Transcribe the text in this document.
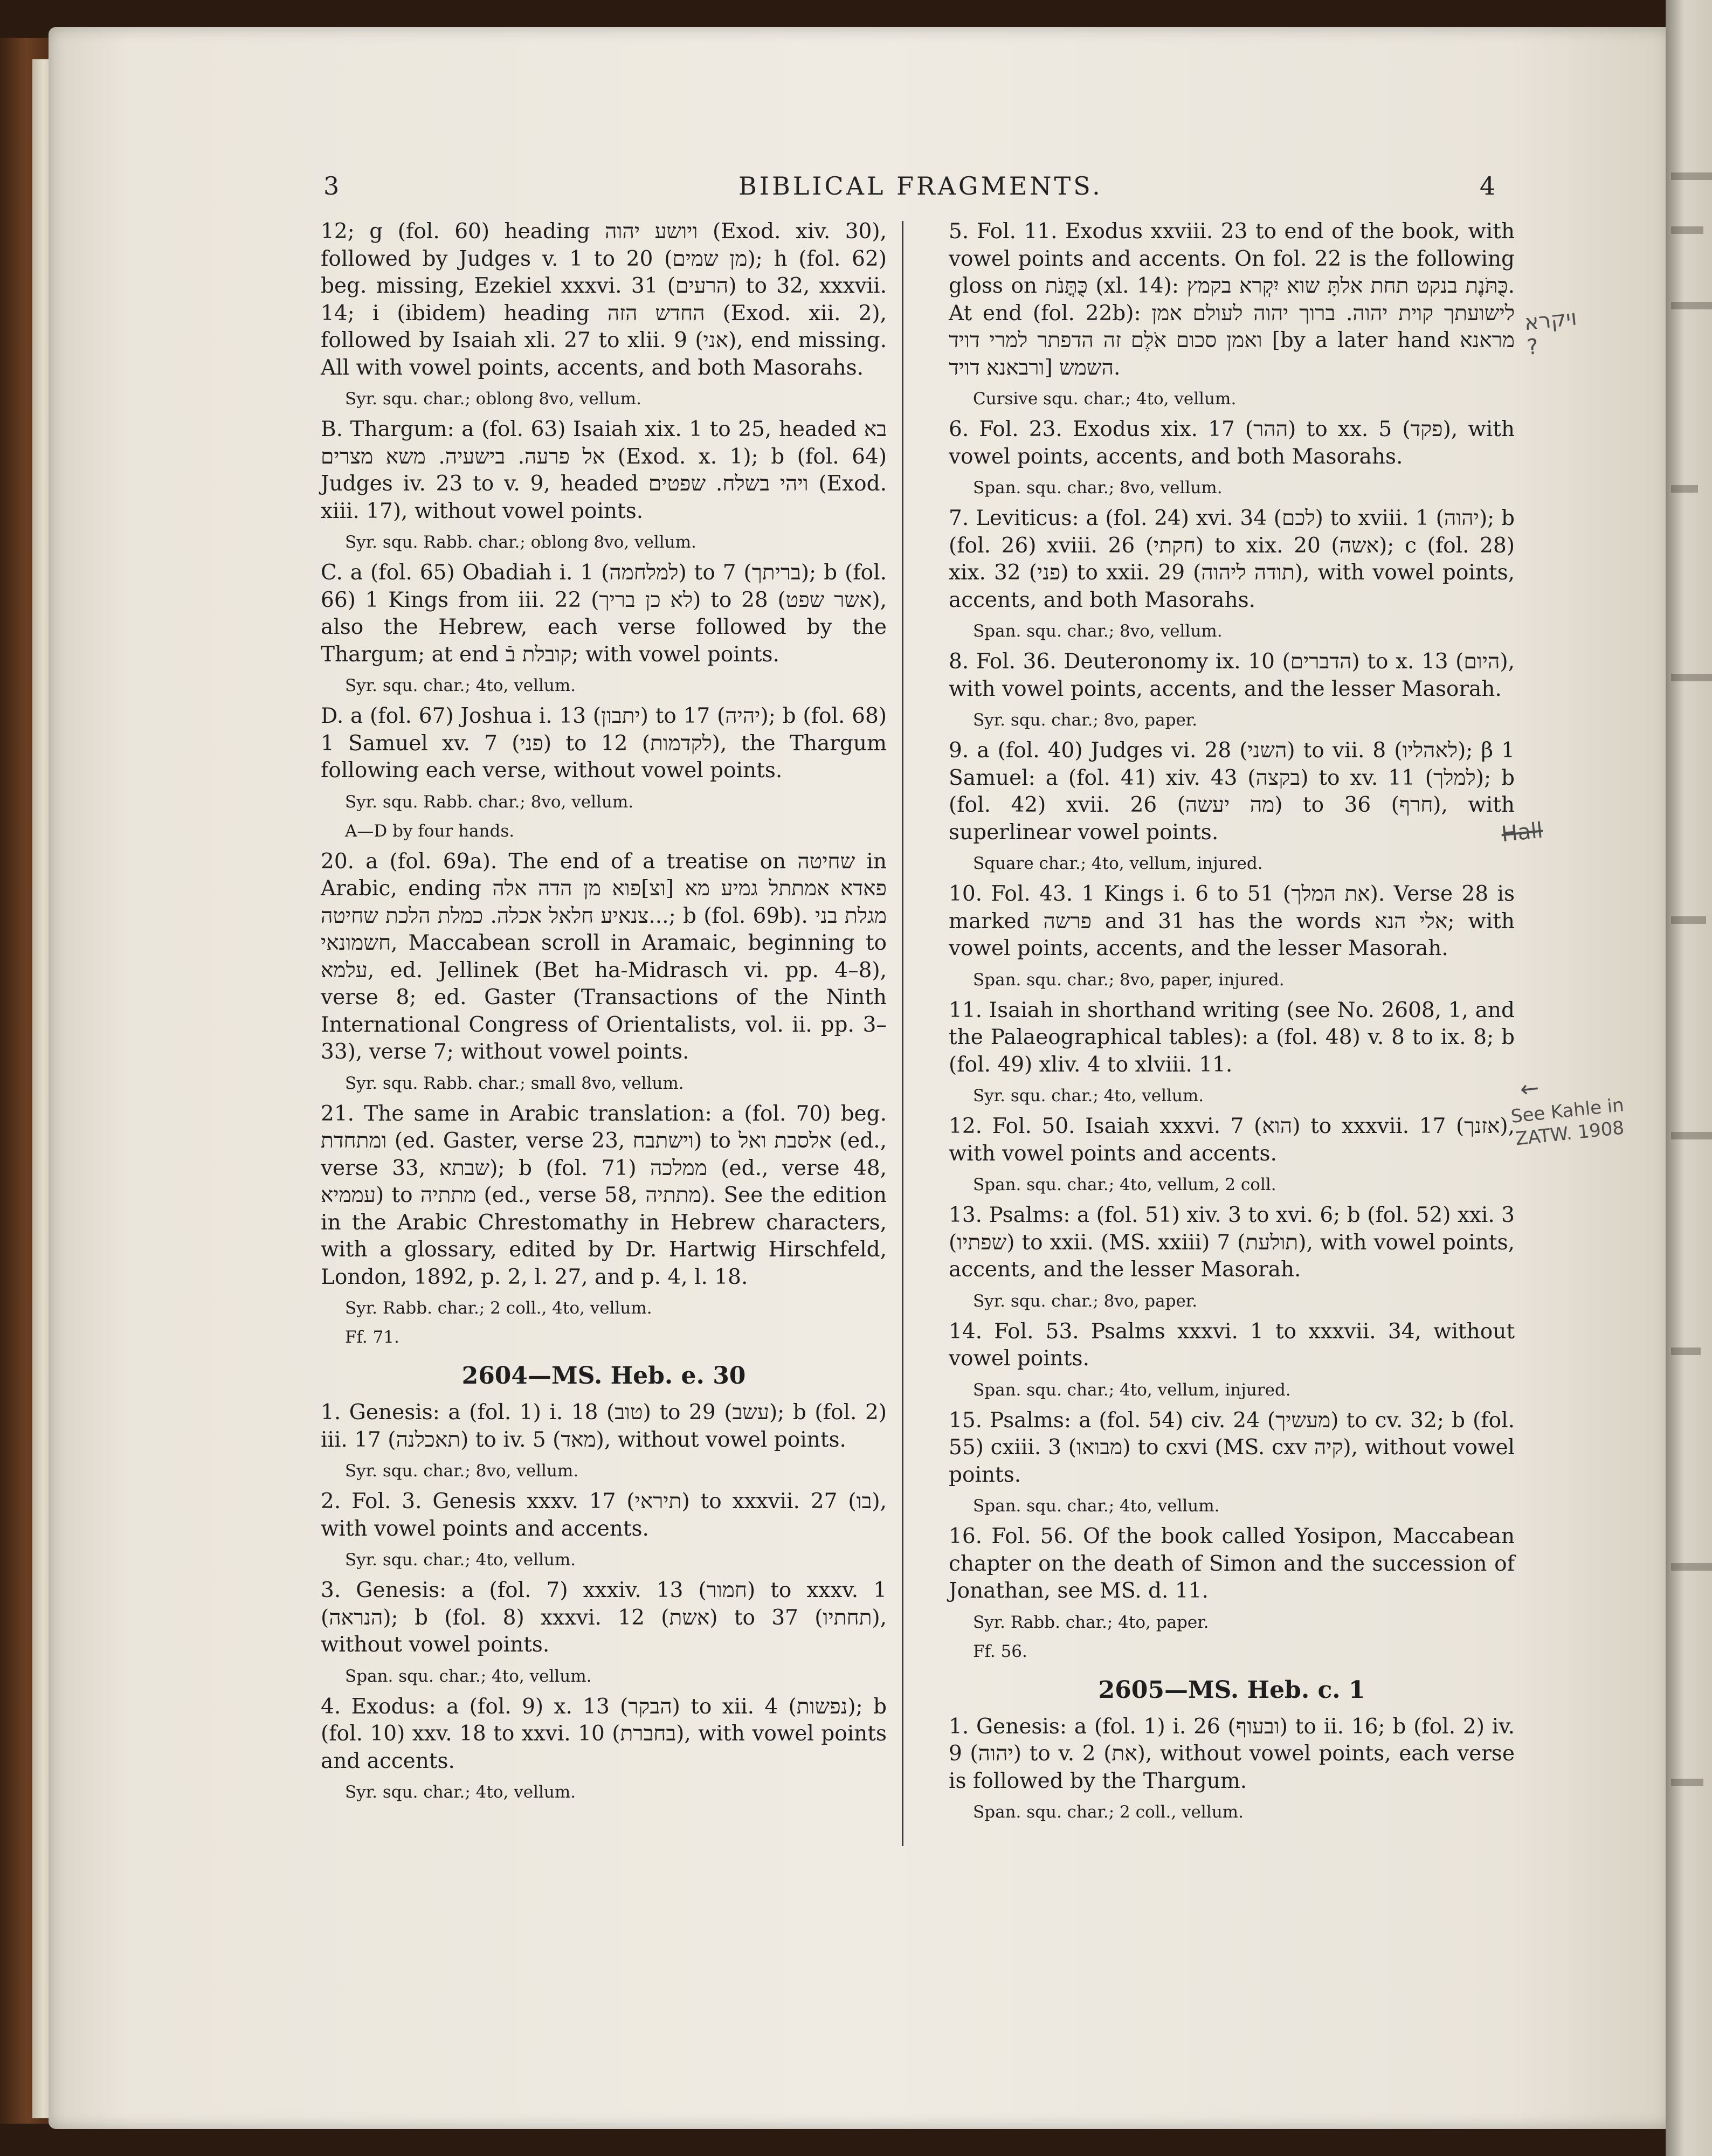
3	BIBLICAL FRAGMENTS.	4
12; g (fol. 60) heading ויושע יהוה (Exod. xiv. 30), followed by Judges v. 1 to 20 (מן שמים); h (fol. 62) beg. missing, Ezekiel xxxvi. 31 (הרעים) to 32, xxxvii. 14; i (ibidem) heading החדש הזה (Exod. xii. 2), followed by Isaiah xli. 27 to xlii. 9 (אני), end missing. All with vowel points, accents, and both Masorahs.
Syr. squ. char.; oblong 8vo, vellum.
B. Thargum: a (fol. 63) Isaiah xix. 1 to 25, headed בא אל פרעה. בישעיה. משא מצרים (Exod. x. 1); b (fol. 64) Judges iv. 23 to v. 9, headed ויהי בשלח. שפטים (Exod. xiii. 17), without vowel points.
Syr. squ. Rabb. char.; oblong 8vo, vellum.
C. a (fol. 65) Obadiah i. 1 (למלחמה) to 7 (בריתך); b (fol. 66) 1 Kings from iii. 22 (לא כן בריך) to 28 (אשר שפט), also the Hebrew, each verse followed by the Thargum; at end קובלת בֿ; with vowel points.
Syr. squ. char.; 4to, vellum.
D. a (fol. 67) Joshua i. 13 (יתבון) to 17 (יהיה); b (fol. 68) 1 Samuel xv. 7 (פני) to 12 (לקדמות), the Thargum following each verse, without vowel points.
Syr. squ. Rabb. char.; 8vo, vellum.
A—D by four hands.
20. a (fol. 69a). The end of a treatise on שחיטה in Arabic, ending פאדא אמתתל גמיע מא [וצ]פוא מן הדה אלה צנאיע חלאל אכלה. כמלת הלכת שחיטה...; b (fol. 69b). מגלת בני חשמונאי, Maccabean scroll in Aramaic, beginning to עלמא, ed. Jellinek (Bet ha-Midrasch vi. pp. 4–8), verse 8; ed. Gaster (Transactions of the Ninth International Congress of Orientalists, vol. ii. pp. 3–33), verse 7; without vowel points.
Syr. squ. Rabb. char.; small 8vo, vellum.
21. The same in Arabic translation: a (fol. 70) beg. ומתחדת (ed. Gaster, verse 23, וישתבח) to אלסבת ואל (ed., verse 33, שבתא); b (fol. 71) ממלכה (ed., verse 48, עממיא) to מתתיה (ed., verse 58, מתתיה). See the edition in the Arabic Chrestomathy in Hebrew characters, with a glossary, edited by Dr. Hartwig Hirschfeld, London, 1892, p. 2, l. 27, and p. 4, l. 18.
Syr. Rabb. char.; 2 coll., 4to, vellum.
Ff. 71.
2604—MS. Heb. e. 30
1. Genesis: a (fol. 1) i. 18 (טוב) to 29 (עשב); b (fol. 2) iii. 17 (תאכלנה) to iv. 5 (מאד), without vowel points.
Syr. squ. char.; 8vo, vellum.
2. Fol. 3. Genesis xxxv. 17 (תיראי) to xxxvii. 27 (בו), with vowel points and accents.
Syr. squ. char.; 4to, vellum.
3. Genesis: a (fol. 7) xxxiv. 13 (חמור) to xxxv. 1 (הנראה); b (fol. 8) xxxvi. 12 (אשת) to 37 (תחתיו), without vowel points.
Span. squ. char.; 4to, vellum.
4. Exodus: a (fol. 9) x. 13 (הבקר) to xii. 4 (נפשות); b (fol. 10) xxv. 18 to xxvi. 10 (בחברת), with vowel points and accents.
Syr. squ. char.; 4to, vellum.
5. Fol. 11. Exodus xxviii. 23 to end of the book, with vowel points and accents. On fol. 22 is the following gloss on כֻּתֳּנֹת (xl. 14): כֻּתֹּנֶת בנקט תחת אלתָּ שוא יִקְרא בקמץ. At end (fol. 22b): לישועתך קוית יהוה. ברוך יהוה לעולם אמן ואמן סכום אֹלֶם זה הדפתר למרי דויד [by a later hand מראנא ורבאנא דויד] השמש.
Cursive squ. char.; 4to, vellum.
6. Fol. 23. Exodus xix. 17 (ההר) to xx. 5 (פקד), with vowel points, accents, and both Masorahs.
Span. squ. char.; 8vo, vellum.
7. Leviticus: a (fol. 24) xvi. 34 (לכם) to xviii. 1 (יהוה); b (fol. 26) xviii. 26 (חקתי) to xix. 20 (אשה); c (fol. 28) xix. 32 (פני) to xxii. 29 (תודה ליהוה), with vowel points, accents, and both Masorahs.
Span. squ. char.; 8vo, vellum.
8. Fol. 36. Deuteronomy ix. 10 (הדברים) to x. 13 (היום), with vowel points, accents, and the lesser Masorah.
Syr. squ. char.; 8vo, paper.
9. a (fol. 40) Judges vi. 28 (השני) to vii. 8 (לאהליו); β 1 Samuel: a (fol. 41) xiv. 43 (בקצה) to xv. 11 (למלך); b (fol. 42) xvii. 26 (מה יעשה) to 36 (חרף), with superlinear vowel points.
Square char.; 4to, vellum, injured.
10. Fol. 43. 1 Kings i. 6 to 51 (את המלך). Verse 28 is marked פרשה and 31 has the words אלי הנא; with vowel points, accents, and the lesser Masorah.
Span. squ. char.; 8vo, paper, injured.
11. Isaiah in shorthand writing (see No. 2608, 1, and the Palaeographical tables): a (fol. 48) v. 8 to ix. 8; b (fol. 49) xliv. 4 to xlviii. 11.
Syr. squ. char.; 4to, vellum.
12. Fol. 50. Isaiah xxxvi. 7 (הוא) to xxxvii. 17 (אזנך), with vowel points and accents.
Span. squ. char.; 4to, vellum, 2 coll.
13. Psalms: a (fol. 51) xiv. 3 to xvi. 6; b (fol. 52) xxi. 3 (שפתיו) to xxii. (MS. xxiii) 7 (תולעת), with vowel points, accents, and the lesser Masorah.
Syr. squ. char.; 8vo, paper.
14. Fol. 53. Psalms xxxvi. 1 to xxxvii. 34, without vowel points.
Span. squ. char.; 4to, vellum, injured.
15. Psalms: a (fol. 54) civ. 24 (מעשיך) to cv. 32; b (fol. 55) cxiii. 3 (מבואו) to cxvi (MS. cxv קיה), without vowel points.
Span. squ. char.; 4to, vellum.
16. Fol. 56. Of the book called Yosipon, Maccabean chapter on the death of Simon and the succession of Jonathan, see MS. d. 11.
Syr. Rabb. char.; 4to, paper.
Ff. 56.
2605—MS. Heb. c. 1
1. Genesis: a (fol. 1) i. 26 (ובעוף) to ii. 16; b (fol. 2) iv. 9 (יהוה) to v. 2 (את), without vowel points, each verse is followed by the Thargum.
Span. squ. char.; 2 coll., vellum.
ויקרא ?
Hall
←
See Kahle in ZATW. 1908
